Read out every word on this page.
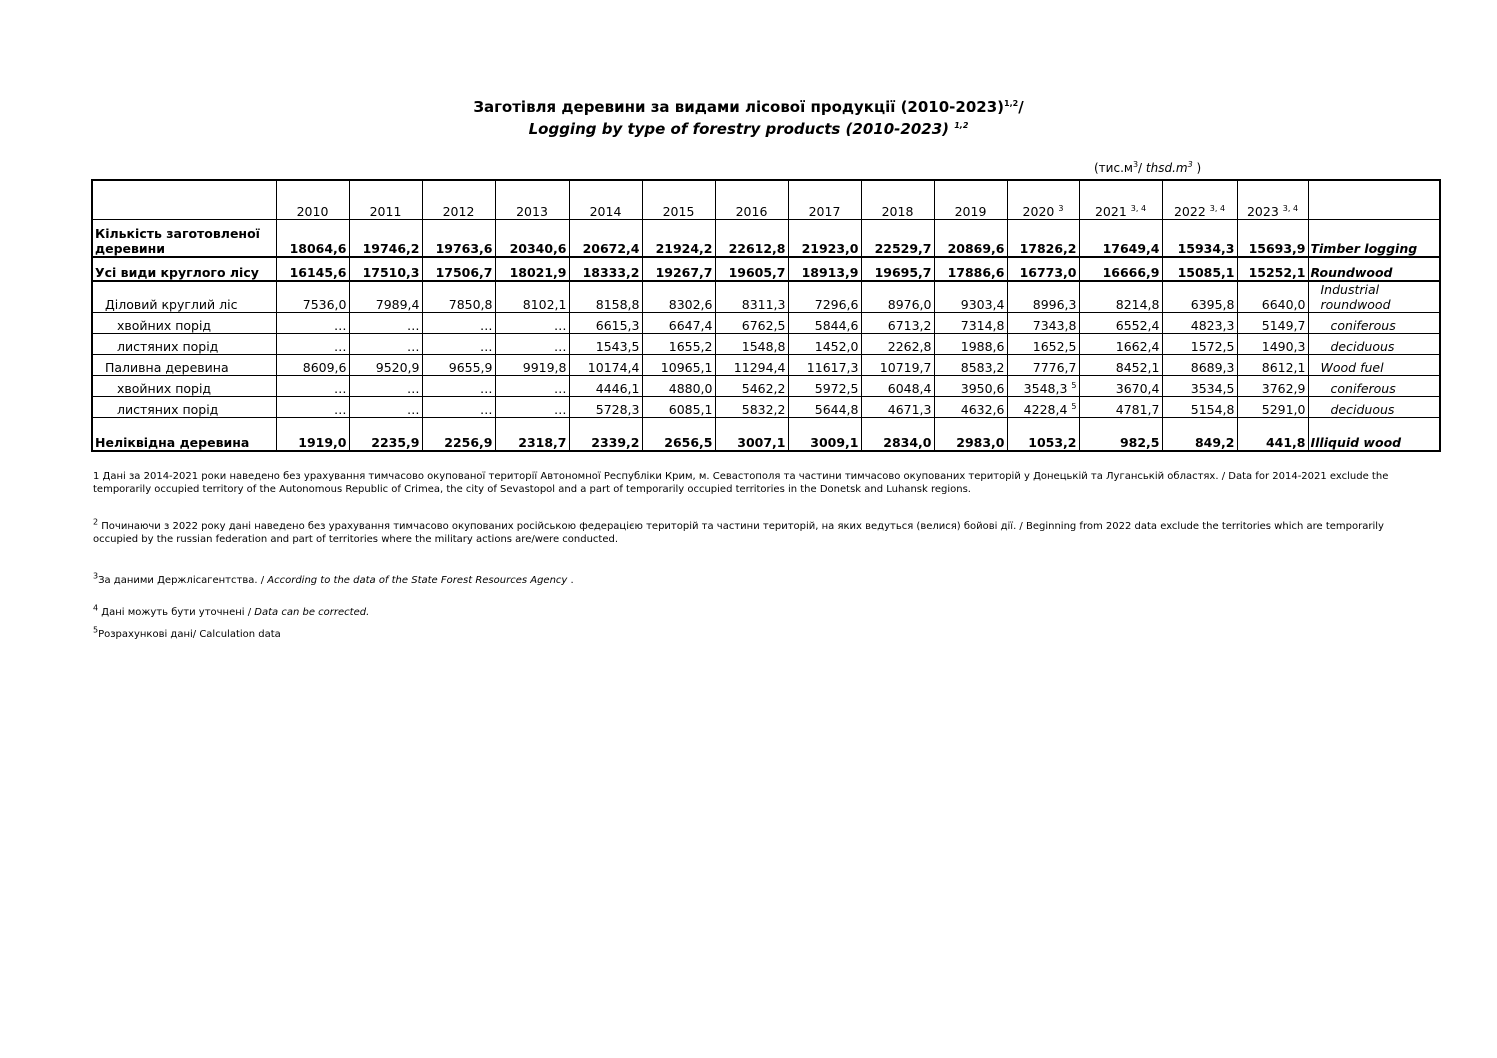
Заготівля деревини за видами лісової продукції (2010-2023)$^{1,2}$/
Logging by type of forestry products (2010-2023) $^{1,2}$
($тис.м^3/$ $thsd.m^3$ )
	2010	2011	2012	2013	2014	2015	2016	2017	2018	2019	2020 $^3$	2021 $^{3, 4}$	2022 $^{3, 4}$	2023 $^{3, 4}$	
Кількість заготовленої деревини	18064,6	19746,2	19763,6	20340,6	20672,4	21924,2	22612,8	21923,0	22529,7	20869,6	17826,2	17649,4	15934,3	15693,9	Timber logging
Усі види круглого лісу	16145,6	17510,3	17506,7	18021,9	18333,2	19267,7	19605,7	18913,9	19695,7	17886,6	16773,0	16666,9	15085,1	15252,1	Roundwood
Діловий круглий ліс	7536,0	7989,4	7850,8	8102,1	8158,8	8302,6	8311,3	7296,6	8976,0	9303,4	8996,3	8214,8	6395,8	6640,0	Industrial roundwood
хвойних порід	…	…	…	…	6615,3	6647,4	6762,5	5844,6	6713,2	7314,8	7343,8	6552,4	4823,3	5149,7	coniferous
листяних порід	…	…	…	…	1543,5	1655,2	1548,8	1452,0	2262,8	1988,6	1652,5	1662,4	1572,5	1490,3	deciduous
Паливна деревина	8609,6	9520,9	9655,9	9919,8	10174,4	10965,1	11294,4	11617,3	10719,7	8583,2	7776,7	8452,1	8689,3	8612,1	Wood fuel
хвойних порід	…	…	…	…	4446,1	4880,0	5462,2	5972,5	6048,4	3950,6	3548,3 $^5$	3670,4	3534,5	3762,9	coniferous
листяних порід	…	…	…	…	5728,3	6085,1	5832,2	5644,8	4671,3	4632,6	4228,4 $^5$	4781,7	5154,8	5291,0	deciduous
Неліквідна деревина	1919,0	2235,9	2256,9	2318,7	2339,2	2656,5	3007,1	3009,1	2834,0	2983,0	1053,2	982,5	849,2	441,8	Illiquid wood
1 Дані за 2014-2021 роки наведено без урахування тимчасово окупованої території Автономної Республіки Крим, м. Севастополя та частини тимчасово окупованих територій у Донецькій та Луганській областях. / Data for 2014-2021 exclude the temporarily occupied territory of the Autonomous Republic of Crimea, the city of Sevastopol and a part of temporarily occupied territories in the Donetsk and Luhansk regions.
$^2$ Починаючи з 2022 року дані наведено без урахування тимчасово окупованих російською федерацією територій та частини територій, на яких ведуться (велися) бойові дії. / Beginning from 2022 data exclude the territories which are temporarily occupied by the russian federation and part of territories where the military actions are/were conducted.
$^3$За даними Держлісагентства. / According to the data of the State Forest Resources Agency .
$^4$ Дані можуть бути уточнені / Data can be corrected.
$^5$Розрахункові дані/ Calculation data
